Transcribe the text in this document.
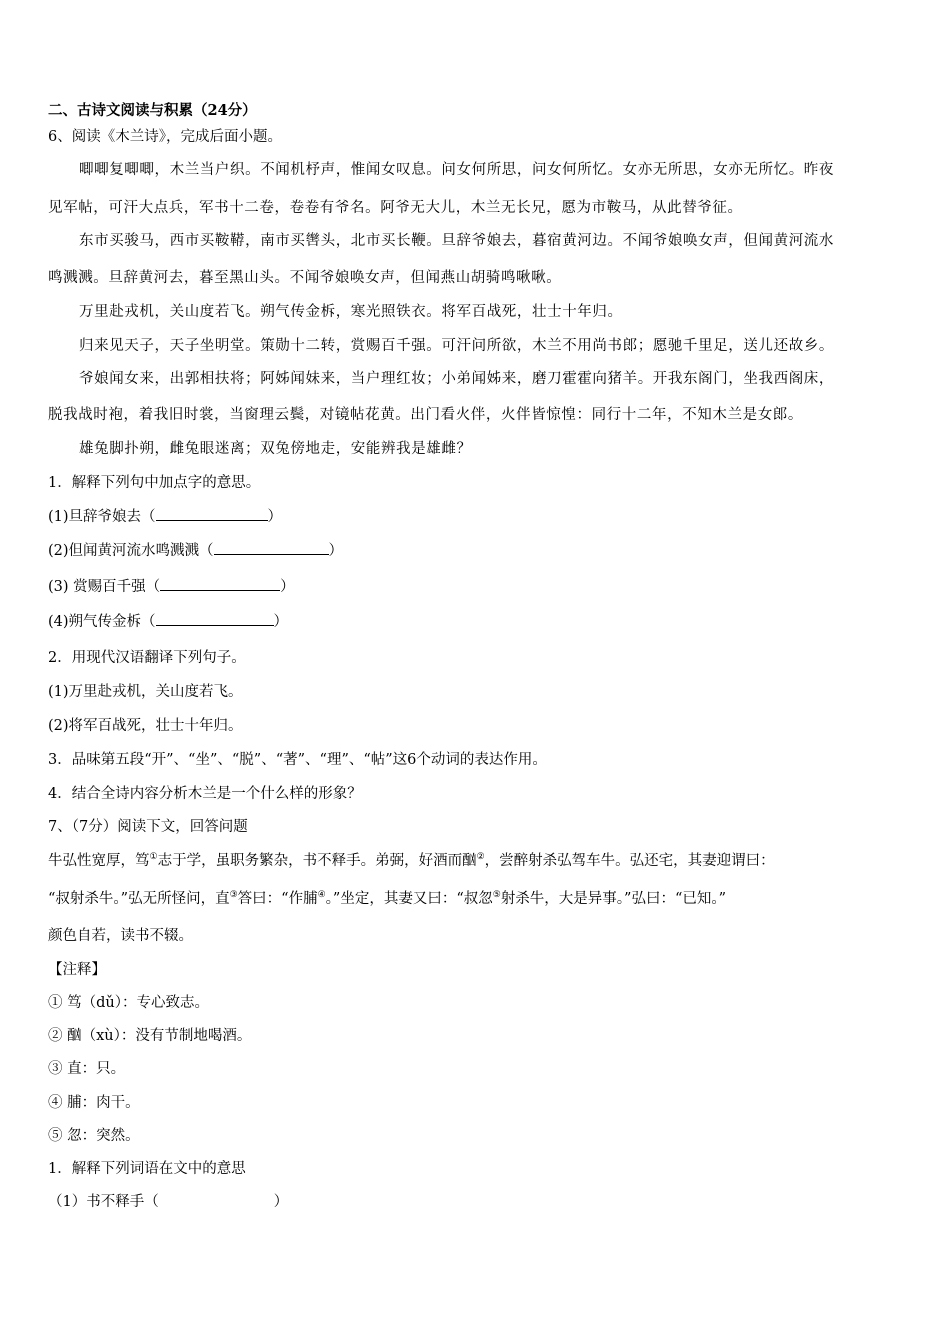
二、古诗文阅读与积累（24分）
6、阅读《木兰诗》，完成后面小题。
唧唧复唧唧，木兰当户织。不闻机杼声，惟闻女叹息。问女何所思，问女何所忆。女亦无所思，女亦无所忆。昨夜
见军帖，可汗大点兵，军书十二卷，卷卷有爷名。阿爷无大儿，木兰无长兄，愿为市鞍马，从此替爷征。
东市买骏马，西市买鞍鞯，南市买辔头，北市买长鞭。旦辞爷娘去，暮宿黄河边。不闻爷娘唤女声，但闻黄河流水
鸣溅溅。旦辞黄河去，暮至黑山头。不闻爷娘唤女声，但闻燕山胡骑鸣啾啾。
万里赴戎机，关山度若飞。朔气传金柝，寒光照铁衣。将军百战死，壮士十年归。
归来见天子，天子坐明堂。策勋十二转，赏赐百千强。可汗问所欲，木兰不用尚书郎；愿驰千里足，送儿还故乡。
爷娘闻女来，出郭相扶将；阿姊闻妹来，当户理红妆；小弟闻姊来，磨刀霍霍向猪羊。开我东阁门，坐我西阁床，
脱我战时袍，着我旧时裳，当窗理云鬓，对镜帖花黄。出门看火伴，火伴皆惊惶：同行十二年，不知木兰是女郎。
雄兔脚扑朔，雌兔眼迷离；双兔傍地走，安能辨我是雄雌？
1．解释下列句中加点字的意思。
(1)旦辞爷娘去（	）
(2)但闻黄河流水鸣溅溅（	）
(3) 赏赐百千强（	）
(4)朔气传金柝（	）
2．用现代汉语翻译下列句子。
(1)万里赴戎机，关山度若飞。
(2)将军百战死，壮士十年归。
3．品味第五段“开”、“坐”、“脱”、“著”、“理”、“帖”这6个动词的表达作用。
4．结合全诗内容分析木兰是一个什么样的形象？
7、（7分）阅读下文，回答问题
牛弘性宽厚，笃①志于学，虽职务繁杂，书不释手。弟弼，好酒而酗②，尝醉射杀弘驾车牛。弘还宅，其妻迎谓曰：
“叔射杀牛。”弘无所怪问，直③答曰：“作脯④。”坐定，其妻又曰：“叔忽⑤射杀牛，大是异事。”弘曰：“已知。”
颜色自若，读书不辍。
【注释】
① 笃（dǔ）：专心致志。
② 酗（xù）：没有节制地喝酒。
③ 直：只。
④ 脯：肉干。
⑤ 忽：突然。
1．解释下列词语在文中的意思
（1）书不释手（	）
